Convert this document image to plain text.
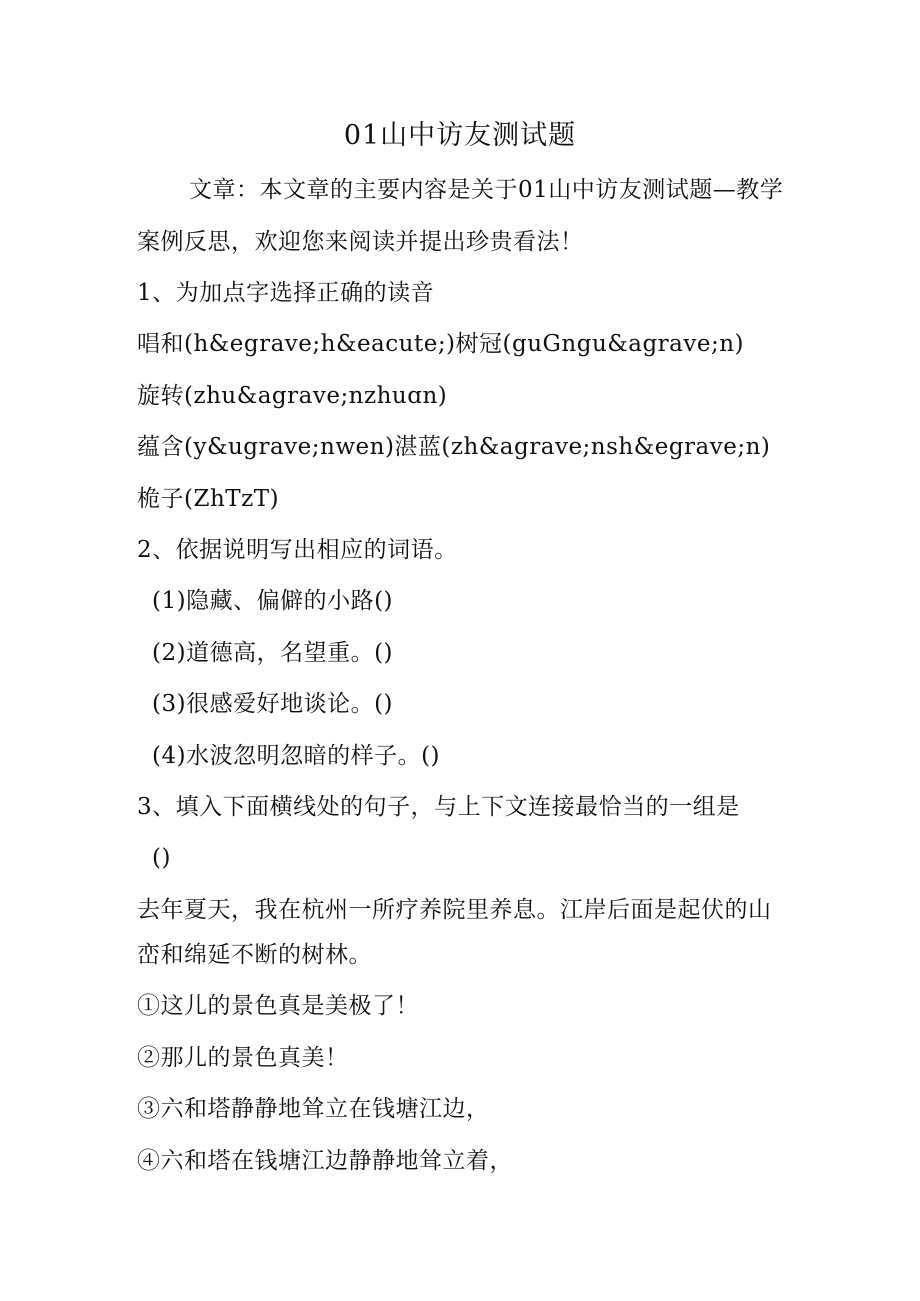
01山中访友测试题
文章：本文章的主要内容是关于01山中访友测试题—教学
案例反思，欢迎您来阅读并提出珍贵看法！
1、为加点字选择正确的读音
唱和(h&egrave;h&eacute;)树冠(guGngu&agrave;n)
旋转(zhu&agrave;nzhuɑn)
蕴含(y&ugrave;nwen)湛蓝(zh&agrave;nsh&egrave;n)
桅子(ZhTzT)
2、依据说明写出相应的词语。
(1)隐藏、偏僻的小路()
(2)道德高，名望重。()
(3)很感爱好地谈论。()
(4)水波忽明忽暗的样子。()
3、填入下面横线处的句子，与上下文连接最恰当的一组是
()
去年夏天，我在杭州一所疗养院里养息。江岸后面是起伏的山
峦和绵延不断的树林。
①这儿的景色真是美极了！
②那儿的景色真美！
③六和塔静静地耸立在钱塘江边，
④六和塔在钱塘江边静静地耸立着，
